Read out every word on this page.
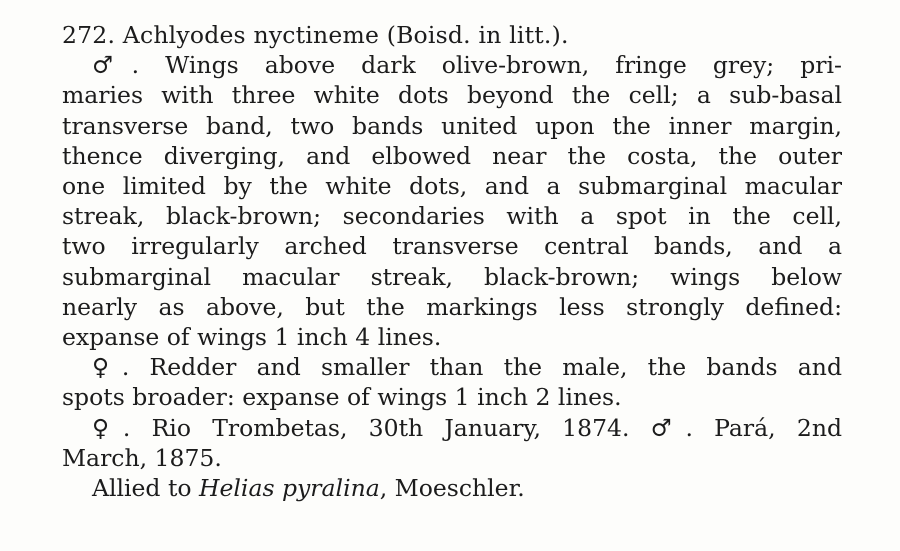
272. Achlyodes nyctineme (Boisd. in litt.).
♂. Wings above dark olive-brown, fringe grey; pri-
maries with three white dots beyond the cell; a sub-basal
transverse band, two bands united upon the inner margin,
thence diverging, and elbowed near the costa, the outer
one limited by the white dots, and a submarginal macular
streak, black-brown; secondaries with a spot in the cell,
two irregularly arched transverse central bands, and a
submarginal macular streak, black-brown; wings below
nearly as above, but the markings less strongly defined:
expanse of wings 1 inch 4 lines.
♀. Redder and smaller than the male, the bands and
spots broader: expanse of wings 1 inch 2 lines.
♀. Rio Trombetas, 30th January, 1874. ♂. Pará, 2nd
March, 1875.
Allied to Helias pyralina, Moeschler.
